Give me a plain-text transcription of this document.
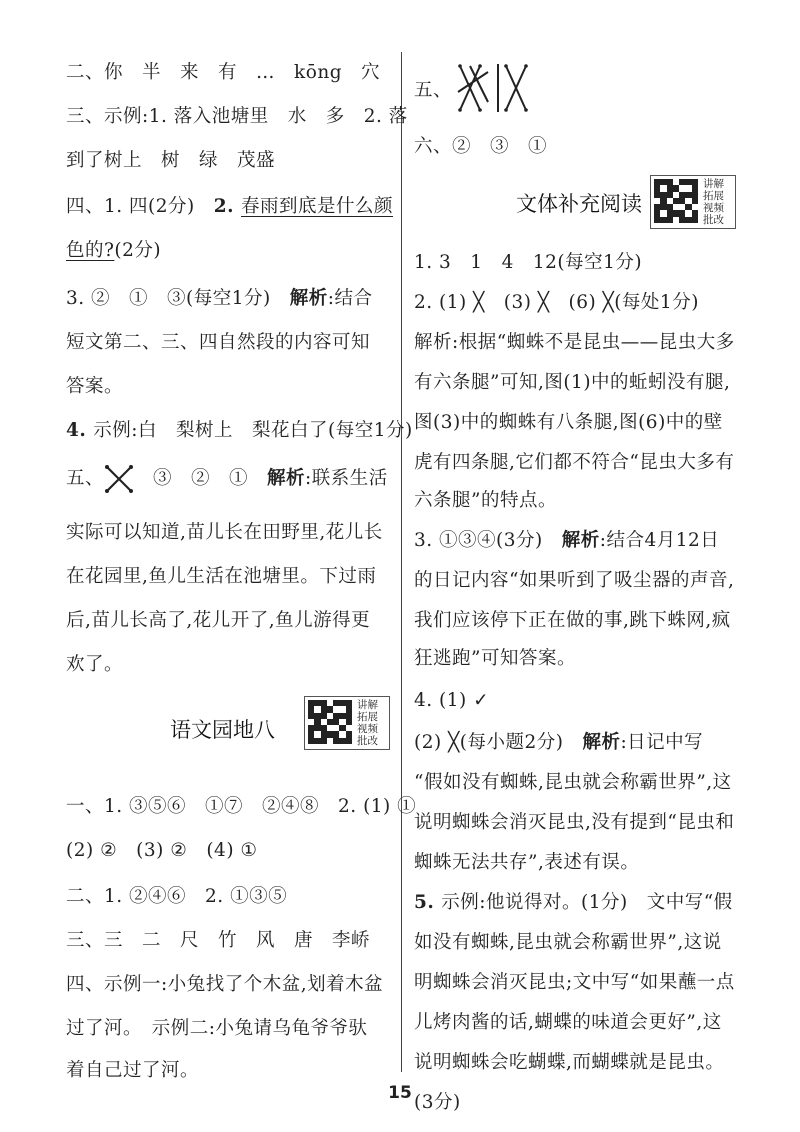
二、你　半　来　有　…　kōng　穴
三、示例:1. 落入池塘里　水　多　2. 落
到了树上　树　绿　茂盛
四、1. 四(2分)　2. 春雨到底是什么颜
色的?(2分)
3. ②　①　③(每空1分)　解析:结合
短文第二、三、四自然段的内容可知
答案。
4. 示例:白　梨树上　梨花白了(每空1分)
五、　③　②　①　解析:联系生活
实际可以知道,苗儿长在田野里,花儿长
在花园里,鱼儿生活在池塘里。下过雨
后,苗儿长高了,花儿开了,鱼儿游得更
欢了。
语文园地八
讲解拓展视频批改
一、1. ③⑤⑥　①⑦　②④⑧　2. (1) ①
(2) ②　(3) ②　(4) ①
二、1. ②④⑥　2. ①③⑤
三、三　二　尺　竹　风　唐　李峤
四、示例一:小兔找了个木盆,划着木盆
过了河。　示例二:小兔请乌龟爷爷驮
着自己过了河。
五、
六、②　③　①
文体补充阅读
讲解拓展视频批改
1. 3　1　4　12(每空1分)
2. (1) ╳　(3) ╳　(6) ╳(每处1分)
解析:根据“蜘蛛不是昆虫——昆虫大多
有六条腿”可知,图(1)中的蚯蚓没有腿,
图(3)中的蜘蛛有八条腿,图(6)中的壁
虎有四条腿,它们都不符合“昆虫大多有
六条腿”的特点。
3. ①③④(3分)　解析:结合4月12日
的日记内容“如果听到了吸尘器的声音,
我们应该停下正在做的事,跳下蛛网,疯
狂逃跑”可知答案。
4. (1) ✓
(2) ╳(每小题2分)　解析:日记中写
“假如没有蜘蛛,昆虫就会称霸世界”,这
说明蜘蛛会消灭昆虫,没有提到“昆虫和
蜘蛛无法共存”,表述有误。
5. 示例:他说得对。(1分)　文中写“假
如没有蜘蛛,昆虫就会称霸世界”,这说
明蜘蛛会消灭昆虫;文中写“如果蘸一点
儿烤肉酱的话,蝴蝶的味道会更好”,这
说明蜘蛛会吃蝴蝶,而蝴蝶就是昆虫。
(3分)
15
